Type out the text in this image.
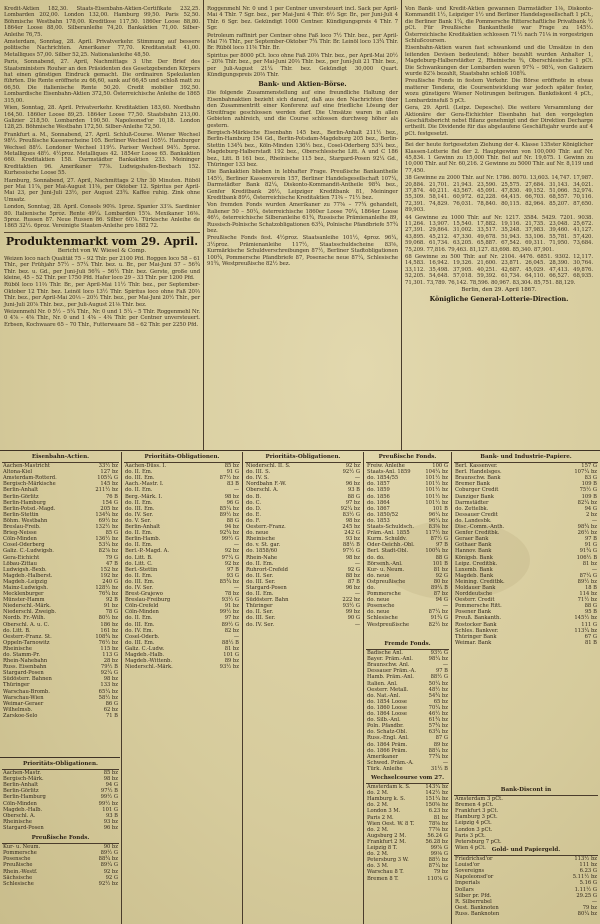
Kredit-Aktien 182,30. Staats-Eisenbahn-Aktien-Certifikate 232,25. Lombarden 202,00. London 132,00. Hamburg 99,50. Paris 52,50. Böhmische Westbahn 178,00. Kreditlose 117,50. 1860er Loose 88,80. 1864er Loose 88,00. Silberanleihe 74,20. Bankaktien 71,00. Silber-Anleihe 76,75.

Amsterdam, Sonntag, 28. April. Privatverkehr. Stimmung auf bessere politische Nachrichten. Amerikaner 77,70. Kreditanstalt 41,00. Metalliques 57,00. Silber 52,25. Nationalanleihe 48,50.

Paris, Sonnabend, 27. April, Nachmittags 3 Uhr. Der Brief des Staatsministers Rouher an den Präsidenten des Gesetzgebenden Körpers hat einen günstigen Eindruck gemacht. Die ordinairen Spekulanten führten. Die Rente eröffnete zu 66,60, sank auf 66,45 und schloß matt zu 66,50. Die italienische Rente 50,20. Credit mobilier 392,50. Lombardische Eisenbahn-Aktien 372,50. Österreichische Anleihe de 1865 315,00.

Wien, Sonntag, 28. April. Privatverkehr. Kreditaktien 183,60. Nordbahn 164,50. 1860er Loose 89,25. 1864er Loose 77,50. Staatsbahn 213,00. Galizier 218,50. Lombarden 190,50. Napoleonsd'or 10,18. London 128,25. Böhmische Westbahn 172,50. Silber-Anleihe 72,50.

Frankfurt a. M., Sonnabend, 27. April. Schluß-Course. Wiener Wechsel 98½. Preußische Kassenscheine 105. Berliner Wechsel 105½. Hamburger Wechsel 88½. Londoner Wechsel 119½. Pariser Wechsel 94½. 5proz. Metalliques 48½. 4½proz. Metalliques 42. 1854er Loose 65. Bankaktien 660. Kreditaktien 158. Darmstädter Bankaktien 233. Meininger Kreditaktien 96. Amerikaner 77⅞. Ludwigshafen-Bexbach 152. Kurhessische Loose 55.

Hamburg, Sonnabend, 27. April, Nachmittags 2 Uhr 30 Minuten. Rüböl per Mai 11⅞, per Mai-August 11⅝, per Oktober 12. Spiritus per April-Mai 23, per Juni-Juli 23½, per August 23¾. Kaffee ruhig. Zink ohne Umsatz.

London, Sonntag, 28. April. Consols 90⅝. 1proz. Spanier 33⅞. Sardinier 80. Italienische 5proz. Rente 49¼. Lombarden 15⅞. Mexikaner 16⅜. 5proz. Russen 87. Neue Russen 86. Silber 60⅞. Türkische Anleihe de 1865 32½. 6proz. Vereinigte Staaten-Anleihe pro 1882 72.

Produktenmarkt vom 29. April.
Bericht von W. Wiesel & Comp.

Weizen loco nach Qualität 75 – 92 Thlr. per 2100 Pfd. Roggen loco 58 – 61 Thlr., per Frühjahr 57½ – 57¼ Thlr. bez. u. Br., per Mai-Juni 57 – 56¾ Thlr. bez. u. Gd., per Juni-Juli 56¾ – 56½ Thlr. bez. Gerste, große und kleine, 45 – 52 Thlr. per 1750 Pfd. Hafer loco 29 – 33 Thlr. per 1200 Pfd.

Rüböl loco 11⅔ Thlr. Br., per April-Mai 11½ Thlr. bez., per September-Oktober 12 Thlr. bez. Leinöl loco 13½ Thlr. Spiritus loco ohne Faß 20⅔ Thlr. bez., per April-Mai 20⅓ – 20½ Thlr. bez., per Mai-Juni 20½ Thlr., per Juni-Juli 20⅞ Thlr. bez., per Juli-August 21⅛ Thlr. bez.

Weizenmehl Nr. 0 5½ – 5¼ Thlr., Nr. 0 und 1 5¼ – 5 Thlr. Roggenmehl Nr. 0 4⅞ – 4⅝ Thlr., Nr. 0 und 1 4⅝ – 4⅜ Thlr. per Centner unversteuert. Erbsen, Kochwaare 65 – 70 Thlr., Futterwaare 58 – 62 Thlr. per 2250 Pfd.

Roggenmehl Nr. 0 und 1 per Centner unversteuert incl. Sack per April-Mai 4 Thlr. 7 Sgr. bez., per Mai-Juni 4 Thlr. 6½ Sgr. Br., per Juni-Juli 4 Thlr. 6 Sgr. bez. Gekündigt 1000 Centner. Kündigungspreis 4 Thlr. 7 Sgr.

Petroleum raffinirt per Centner ohne Faß loco 7½ Thlr. bez., per April-Mai 7⅓ Thlr., per September-Oktober 7¾ Thlr. Br. Leinöl loco 13¾ Thlr. Br. Rüböl loco 11⅚ Thlr. Br.

Spiritus per 8000 pCt. loco ohne Faß 20⅔ Thlr. bez., per April-Mai 20½ – 20⅝ Thlr. bez., per Mai-Juni 20⅔ Thlr. bez., per Juni-Juli 21 Thlr. bez., per Juli-August 21¼ Thlr. bez. Gekündigt 30,000 Quart. Kündigungspreis 20⅔ Thlr.

Bank- und Aktien-Börse.

Die folgende Zusammenstellung auf eine freundliche Haltung der Eisenbahnaktien bezieht sich darauf, daß aus den Nachrichten über den Zusammentritt einer Konferenz auf eine friedliche Lösung der Streitfrage geschlossen werden darf. Die Umsätze waren in allen Gebieten zahlreich, und die Course schlossen durchweg höher als gestern.

Bergisch-Märkische Eisenbahn 145 bez., Berlin-Anhalt 211½ bez., Berlin-Hamburg 154 Gd., Berlin-Potsdam-Magdeburg 205 bez., Berlin-Stettin 134¾ bez., Köln-Minden 136½ bez., Cosel-Oderberg 53¼ bez., Magdeburg-Halberstadt 192 bez., Oberschlesische Litt. A und C 186 bez., Litt. B 161 bez., Rheinische 115 bez., Stargard-Posen 92¼ Gd., Thüringer 133 bez.

Die Bankaktien blieben in lebhafter Frage. Preußische Bankantheile 145½, Berliner Kassenverein 157, Berliner Handelsgesellschaft 107¼, Darmstädter Bank 82¼, Diskonto-Kommandit-Antheile 98¾ bez., Genfer Kreditbank 26½, Leipziger Kreditbank 81, Meininger Kreditbank 89½, Österreichische Kreditaktien 71⅜ – 71½ bez.

Von fremden Fonds wurden Amerikaner zu 77⅝ – 77¾ gehandelt, Italiener 50 – 50¼, österreichische 1860er Loose 70¼, 1864er Loose 46½, österreichische Silberanleihe 61¾, Russische Prämienanleihe 89, Russisch-Polnische Schatzobligationen 63¾, Polnische Pfandbriefe 57¾ bez.

Preußische Fonds fest. 4½proz. Staatsanleihe 101½, 4proz. 96¼, 3½proz. Prämienanleihe 117½, Staatsschuldscheine 83⅝, Kurmärkische Schuldverschreibungen 87½, Berliner Stadtobligationen 100¾, Pommersche Pfandbriefe 87, Posensche neue 87¼, Schlesische 91¾, Westpreußische 82½ bez.

Von Bank- und Kredit-Aktien gewannen Darmstädter 1⅛, Diskonto-Kommandit 1½, Leipziger 1½ und Berliner Handelsgesellschaft 1 pCt., die Berliner Bank 1¼, die Pommersche Ritterschaftliche Privatbank ½ pCt. Für Preußische Bankantheile war Frage zu 145½. Österreichische Kreditaktien schlossen 71½ nach 71⅛ in vorgestrigen Schlußcoursen.

Eisenbahn-Aktien waren fast schwankend und die Umsätze in den leitenden Devisen bedeutend; höher bezahlt wurden Anhalter 1, Magdeburg-Halberstädter 2, Rheinische ¾, Oberschlesische 1 pCt. Die Schwankungen der Lombarden waren 97¾ – 98¼, von Galiziern wurde 82⅞ bezahlt, Staatsbahn schloß 108¾.

Preußische Fonds in festem Verkehr. Die Börse eröffnete in etwas matterer Tendenz, die Coursentwicklung war jedoch später fester, wozu günstigere Wiener Notirungen beitrugen. Bankdiskont 4 pCt., Lombardzinsfuß 5 pCt.

Gera, 29. April. (Leipz. Depesche). Die weitere Versammlung der Aktionäre der Gera-Eichichter Eisenbahn hat den vorgelegten Geschäftsbericht nebst Bilanz genehmigt und der Direktion Decharge ertheilt. Die Dividende für das abgelaufene Geschäftsjahr wurde auf 4 pCt. festgesetzt.

Bei der heute fortgesetzten Ziehung der 4. Klasse 135ster Königlicher Klassen-Lotterie fiel der 2. Hauptgewinn von 100,000 Thlr. auf Nr. 45,834. 1 Gewinn zu 15,000 Thlr. fiel auf Nr. 19,675. 1 Gewinn zu 10,000 Thlr. auf Nr. 60,216. 2 Gewinne zu 5000 Thlr. auf Nr. 8,119 und 77,450.

38 Gewinne zu 2000 Thlr. auf Nr. 1786. 8070. 13,603. 14,747. 17,987. 20,884. 21,701. 21,943. 23,590. 25,575. 27,684. 31,143. 34,021. 37,874. 40,211. 43,567. 45,091. 47,830. 49,152. 51,066. 52,974. 55,309. 58,141. 60,972. 62,228. 64,415. 66,703. 68,557. 70,116. 72,391. 74,829. 76,031. 78,840. 80,115. 82,964. 85,207. 87,650. 89,903.

44 Gewinne zu 1000 Thlr. auf Nr. 1217. 3584. 5429. 7201. 9038. 11,264. 13,907. 15,540. 17,882. 19,116. 21,735. 23,048. 25,672. 27,391. 29,864. 31,002. 33,517. 35,248. 37,983. 39,460. 41,127. 43,895. 45,212. 47,330. 49,678. 51,943. 53,106. 55,781. 57,420. 59,068. 61,734. 63,205. 65,887. 67,542. 69,311. 71,950. 73,684. 75,209. 77,816. 79,463. 81,127. 83,698. 85,340. 87,901.

68 Gewinne zu 500 Thlr. auf Nr. 2104. 4476. 6851. 9302. 12,117. 14,583. 16,942. 19,326. 21,600. 23,871. 26,045. 28,390. 30,764. 33,112. 35,498. 37,905. 40,251. 42,687. 45,029. 47,413. 49,876. 52,205. 54,648. 57,018. 59,392. 61,734. 64,110. 66,527. 68,935. 71,301. 73,789. 76,142. 78,596. 80,967. 83,304. 85,751. 88,129.

Berlin, den 29. April 1867.
Königliche General-Lotterie-Direction.
Eisenbahn-Actien.	
Aachen-Mastricht	33½ bz
Altona-Kiel	127 bz
Amsterdam-Rotterd.	105¼ G
Bergisch-Märkische	145 bz
Berlin-Anhalt	211½ bz
Berlin-Görlitz	76 B
Berlin-Hamburg	154 G
Berlin-Potsd.-Magd.	205 bz
Berlin-Stettin	134¾ bz
Böhm. Westbahn	69½ bz
Breslau-Freib.	132½ bz
Brieg-Neisse	85 G
Cöln-Minden	136½ bz
Cosel-Oderberg	53¼ bz
Galiz. C.-Ludwigsb.	82⅞ bz
Gera-Eichicht	79 G
Löbau-Zittau	47 B
Ludwigsh.-Bexb.	152 bz
Magdeb.-Halberst.	192 bz
Magdeb.-Leipzig	240 G
Mainz-Ludwigsh.	128½ bz
Mecklenburger	76¾ bz
Münster-Hamm	92 B
Niederschl.-Märk.	91 bz
Niederschl. Zweigb.	78 G
Nordb. Fr.-Wilh.	80½ bz
Oberschl. A. u. C.	186 bz
do. Litt. B.	161 bz
Oesterr.-Franz. St.	108¾ bz
Oppeln-Tarnowitz	76½ bz
Rheinische	115 bz
do. Stamm-Pr.	113 G
Rhein-Nahebahn	28 bz
Russ. Eisenbahn	79½ B
Stargard-Posen	92¼ G
Südösterr. Bahnen	98 bz
Thüringer	133 bz
Warschau-Bromb.	65¼ bz
Warschau-Wien	58½ bz
Weimar-Geraer	86 G
Wilhelmsb.	62 bz
Zarskoe-Selo	71 B
Prioritäts-Obligationen.	
Aachen-Düss. I.	85 bz
do. II. Em.	91 G
do. III. Em.	87½ bz
Aach.-Mastr. I.	83 B
do. II. Em.	—
Berg.-Märk. I.	98 bz
do. II. Em.	96 G
do. III. Em.	85¼ bz
do. IV. Ser.	89½ bz
do. V. Ser.	88 G
Berlin-Anhalt	94 bz
do. II. Em.	92¾ bz
Berlin-Hamb.	99½ G
do. II. Em.	—
Berl.-P.-Magd. A.	92 bz
do. Litt. B.	97¼ G
do. Litt. C.	92 bz
Berl.-Stettin	97 B
do. II. Em.	93 G
do. III. Em.	85¾ bz
do. IV. Ser.	—
Brest-Grajewo	78 bz
Breslau-Freiburg	93½ G
Cöln-Crefeld	91 bz
Cöln-Minden	99½ bz
do. II. Em.	97 bz
do. III. Em.	89½ G
do. IV. Em.	82 bz
Cosel-Oderb.	—
do. III. Em.	88½ B
Galiz. C.-Ludw.	81 bz
Magdeb.-Halb.	101 G
Magdeb.-Wittenb.	89 bz
Niederschl.-Märk.	93½ bz
Prioritäts-Obligationen.	
Niederschl. II. S.	92 bz
do. III. S.	92½ G
do. IV. S.	—
Nordbahn F.-W.	96 bz
Oberschl. A.	93 B
do. B.	88 G
do. C.	97 bz
do. D.	92¼ bz
do. E.	83½ G
do. F.	98 bz
Oesterr.-Franz.	245 bz
do. neue	242 G
Rheinische	93 bz
do. v. St. gar.	88½ B
do. 1858/60	97½ G
Rhein-Nahe	98 bz
do. II. Em.	—
Ruhrort-Crefeld	92 G
do. II. Ser.	88 bz
do. III. Ser.	87 B
Stargard-Posen	96 bz
do. II. Em.	—
Südösterr. Bahn	222 bz
Thüringer	93½ G
do. II. Ser.	99 bz
do. III. Ser.	90 G
do. IV. Ser.	—
Preußische Fonds.	
Freiw. Anleihe	100 G
Staats-Anl. 1859	104¼ bz
do. 1854/55	101½ bz
do. 1857	101½ bz
do. 1859	101½ bz
do. 1856	101½ bz
do. 1864	101½ bz
do. 1867	101 B
do. 1850/52	96¼ bz
do. 1853	96¼ bz
Staats-Schuldsch.	83⅝ bz
Präm.-Anl. 1855	117½ bz
Kurm. Schuldv.	87½ G
Oder-Deichb.-Obl.	97 B
Berl. Stadt-Obl.	100¾ bz
do. do.	88 G
Börsenh.-Anl.	101 B
Kur- u. Neum.	81 bz
do. neue	92 G
Ostpreußische	80 bz
do.	89¼ B
Pommersche	87 bz
do. neue	94 G
Posensche	—
do. neue	87¼ bz
Schlesische	91¾ G
Westpreußische	82½ bz
Fremde Fonds.	
Badische Anl.	93½ G
Bayer. Präm.-Anl.	98¼ bz
Braunschw. Anl.	—
Dessauer Präm.-A.	97 B
Hamb. Präm.-Anl.	88½ G
Italien. Anl.	50¼ bz
Oesterr. Metall.	48½ bz
do. Nat.-Anl.	54¾ bz
do. 1854 Loose	65 bz
do. 1860 Loose	70¼ bz
do. 1864 Loose	46½ bz
do. Silb.-Anl.	61¾ bz
Poln. Pfandbr.	57¾ bz
do. Schatz-Obl.	63¾ bz
Russ.-Engl. Anl.	87 G
do. 1864 Präm.	89 bz
do. 1866 Präm.	88¼ bz
Amerikaner	77¾ bz
Schwed. Präm.-A.	—
Türk. Anleihe	31½ B
Wechselcourse vom 27.	
Amsterdam k. S.	143¼ bz
do. 2 M.	142½ bz
Hamburg k. S.	151¼ bz
do. 2 M.	150⅝ bz
London 3 M.	6.23 bz
Paris 2 M.	81 bz
Wien Oest. W. 8 T.	78⅝ bz
do. 2 M.	77⅝ bz
Augsburg 2 M.	56.24 G
Frankfurt 2 M.	56.28 bz
Leipzig 8 T.	99⅞ G
do. 2 M.	99⅛ G
Petersburg 3 W.	88½ bz
do. 3 M.	87¼ bz
Warschau 8 T.	79 bz
Bremen 8 T.	110⅞ G
Bank- und Industrie-Papiere.	
Berl. Kassenver.	157 G
Berl. Handelsges.	107¼ bz
Braunschw. Bank	83 G
Bremer Bank	109 B
Coburger Credit	75½ G
Danziger Bank	109 B
Darmstädter	82¼ bz
do. Zettelbk.	94 G
Dessauer Credit	2 bz
do. Landesbk.	—
Disc.-Comm.-Anth.	98¾ bz
Genfer Creditbk.	26½ bz
Geraer Bank	97 B
Gothaer Bank	91 G
Hannov. Bank	91¾ G
Königsb. Bank	106½ B
Leipz. Creditbk.	81 bz
Luxemb. Bank	—
Magdeb. Bank	87¼ G
Meining. Creditbk.	89½ bz
Moldauer Bank	18 B
Norddeutsche	114 bz
Oesterr. Credit	71½ bz
Pommersche Ritt.	88 G
Posener Bank	95 B
Preuß. Bankanth.	145½ bz
Rostocker Bank	111 G
Schles. Bankver.	113¼ bz
Thüringer Bank	67 G
Weimar. Bank	81 B
Bank-Discont in	
Amsterdam 3 pCt.	
Bremen 4 pCt.	
Frankfurt 3 pCt.	
Hamburg 3 pCt.	
Leipzig 4 pCt.	
London 3 pCt.	
Paris 3 pCt.	
Petersburg 7 pCt.	
Wien 4 pCt.	Gold- und Papiergeld.	
Friedrichsd'or	113½ bz
Louisd'or	111 bz
Sovereigns	6.23 G
Napoleonsd'or	5.11½ bz
Imperials	5.16 G
Dollars	1.11½ G
Silber pr. Pfd.	29.25 G
R. Silberrubel	—
Oest. Banknoten	79 bz
Russ. Banknoten	80¼ bz
Prioritäts-Obligationen.	
Aachen-Mastr.	85 bz
Bergisch-Märk.	98 bz
Berlin-Anhalt	94 G
Berlin-Görlitz	97½ B
Berlin-Hamburg	99½ G
Cöln-Minden	99½ bz
Magdeb.-Halb.	101 G
Oberschl. A.	93 B
Rheinische	93 bz
Stargard-Posen	96 bz
Preußische Fonds.	
Kur- u. Neum.	90 bz
Pommersche	89½ G
Posensche	88¾ bz
Preußische	89¼ G
Rhein.-Westf.	92 bz
Sächsische	92 G
Schlesische	92½ bz
